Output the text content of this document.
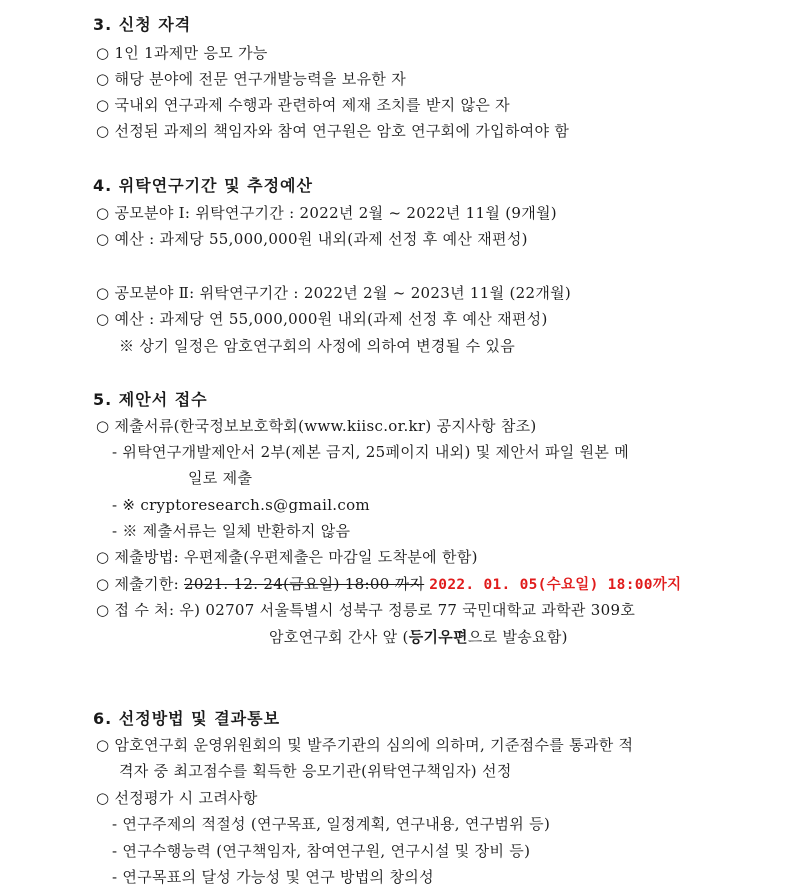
3. 신청 자격
○ 1인 1과제만 응모 가능
○ 해당 분야에 전문 연구개발능력을 보유한 자
○ 국내외 연구과제 수행과 관련하여 제재 조치를 받지 않은 자
○ 선정된 과제의 책임자와 참여 연구원은 암호 연구회에 가입하여야 함
4. 위탁연구기간 및 추정예산
○ 공모분야 Ⅰ: 위탁연구기간 : 2022년 2월 ~ 2022년 11월 (9개월)
○ 예산 : 과제당 55,000,000원 내외(과제 선정 후 예산 재편성)
○ 공모분야 Ⅱ: 위탁연구기간 : 2022년 2월 ~ 2023년 11월 (22개월)
○ 예산 : 과제당 연 55,000,000원 내외(과제 선정 후 예산 재편성)
※ 상기 일정은 암호연구회의 사정에 의하여 변경될 수 있음
5. 제안서 접수
○ 제출서류(한국정보보호학회(www.kiisc.or.kr) 공지사항 참조)
- 위탁연구개발제안서 2부(제본 금지, 25페이지 내외) 및 제안서 파일 원본 메
일로 제출
- ※ cryptoresearch.s@gmail.com
- ※ 제출서류는 일체 반환하지 않음
○ 제출방법: 우편제출(우편제출은 마감일 도착분에 한함)
○ 제출기한: 2021. 12. 24(금요일) 18:00 까지 2022. 01. 05(수요일) 18:00까지
○ 접 수 처: 우) 02707 서울특별시 성북구 정릉로 77 국민대학교 과학관 309호
암호연구회 간사 앞 (등기우편으로 발송요함)
6. 선정방법 및 결과통보
○ 암호연구회 운영위원회의 및 발주기관의 심의에 의하며, 기준점수를 통과한 적
격자 중 최고점수를 획득한 응모기관(위탁연구책임자) 선정
○ 선정평가 시 고려사항
- 연구주제의 적절성 (연구목표, 일정계획, 연구내용, 연구범위 등)
- 연구수행능력 (연구책임자, 참여연구원, 연구시설 및 장비 등)
- 연구목표의 달성 가능성 및 연구 방법의 창의성
